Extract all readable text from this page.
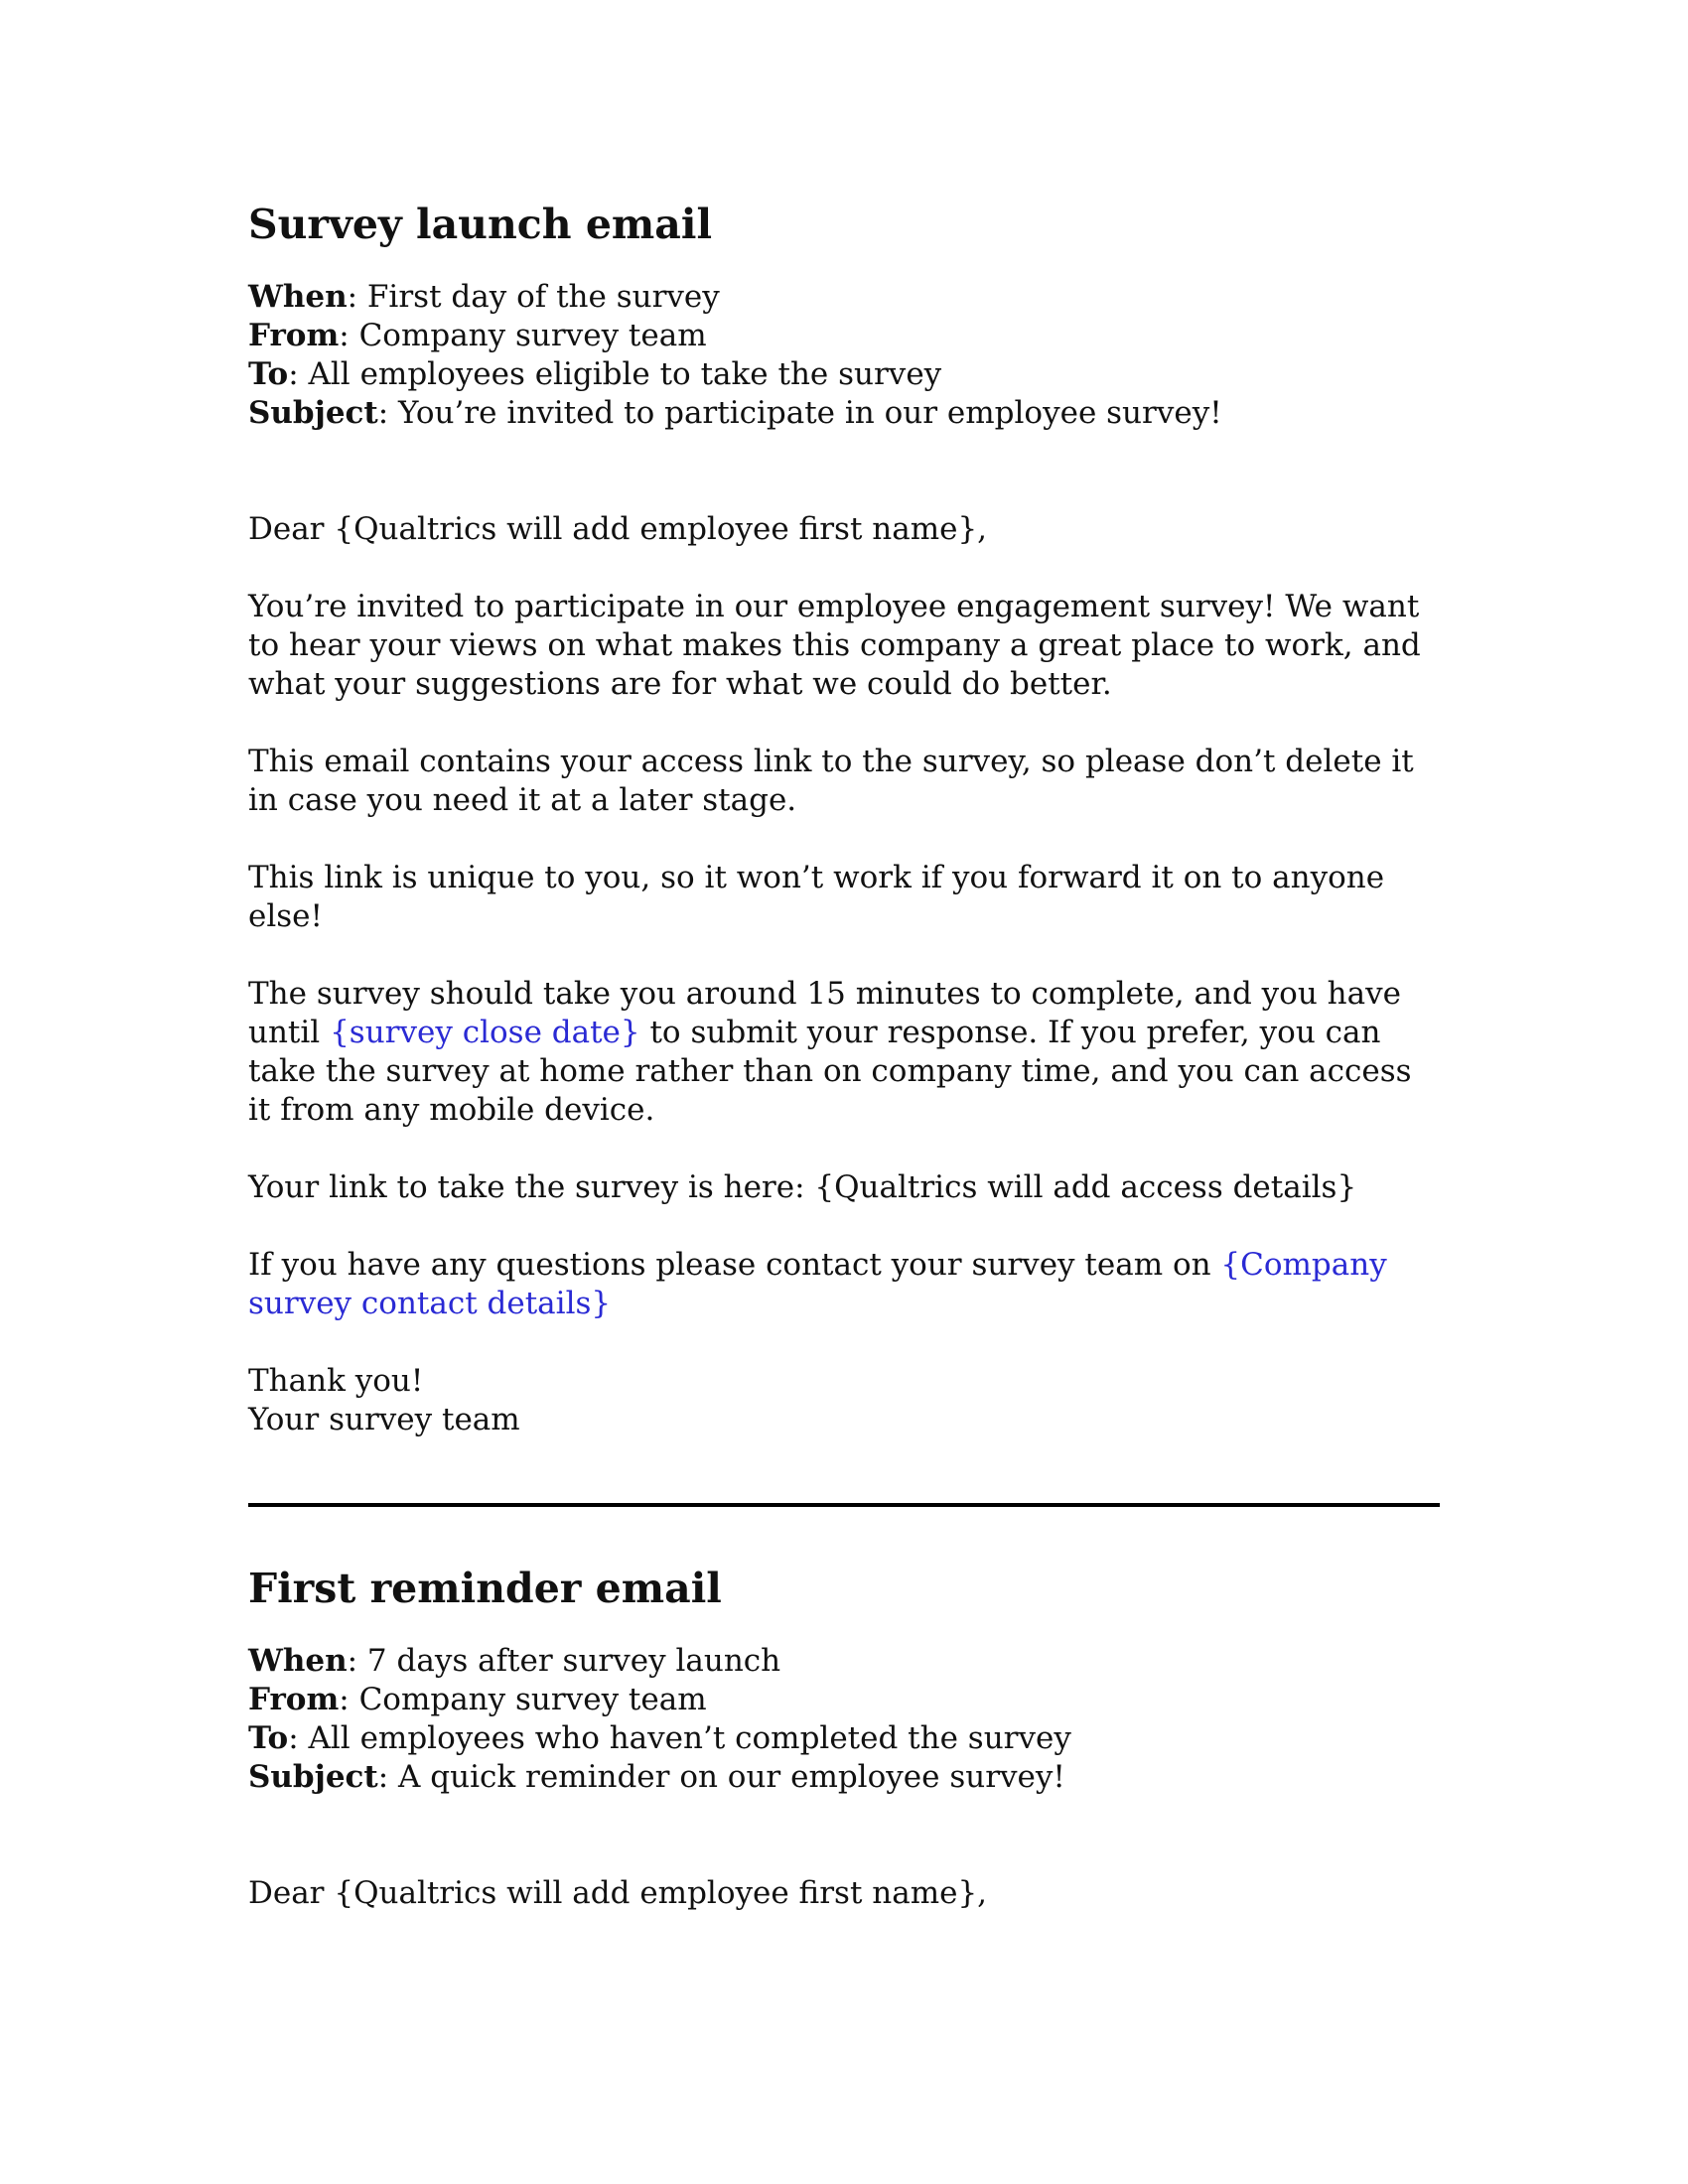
Survey launch email
When: First day of the survey
From: Company survey team
To: All employees eligible to take the survey
Subject: You’re invited to participate in our employee survey!

Dear {Qualtrics will add employee first name},

You’re invited to participate in our employee engagement survey! We want to hear your views on what makes this company a great place to work, and what your suggestions are for what we could do better.

This email contains your access link to the survey, so please don’t delete it in case you need it at a later stage.

This link is unique to you, so it won’t work if you forward it on to anyone else!

The survey should take you around 15 minutes to complete, and you have until {survey close date} to submit your response. If you prefer, you can take the survey at home rather than on company time, and you can access it from any mobile device.

Your link to take the survey is here: {Qualtrics will add access details}

If you have any questions please contact your survey team on {Company survey contact details}

Thank you!

Your survey team

First reminder email
When: 7 days after survey launch
From: Company survey team
To: All employees who haven’t completed the survey
Subject: A quick reminder on our employee survey!

Dear {Qualtrics will add employee first name},
